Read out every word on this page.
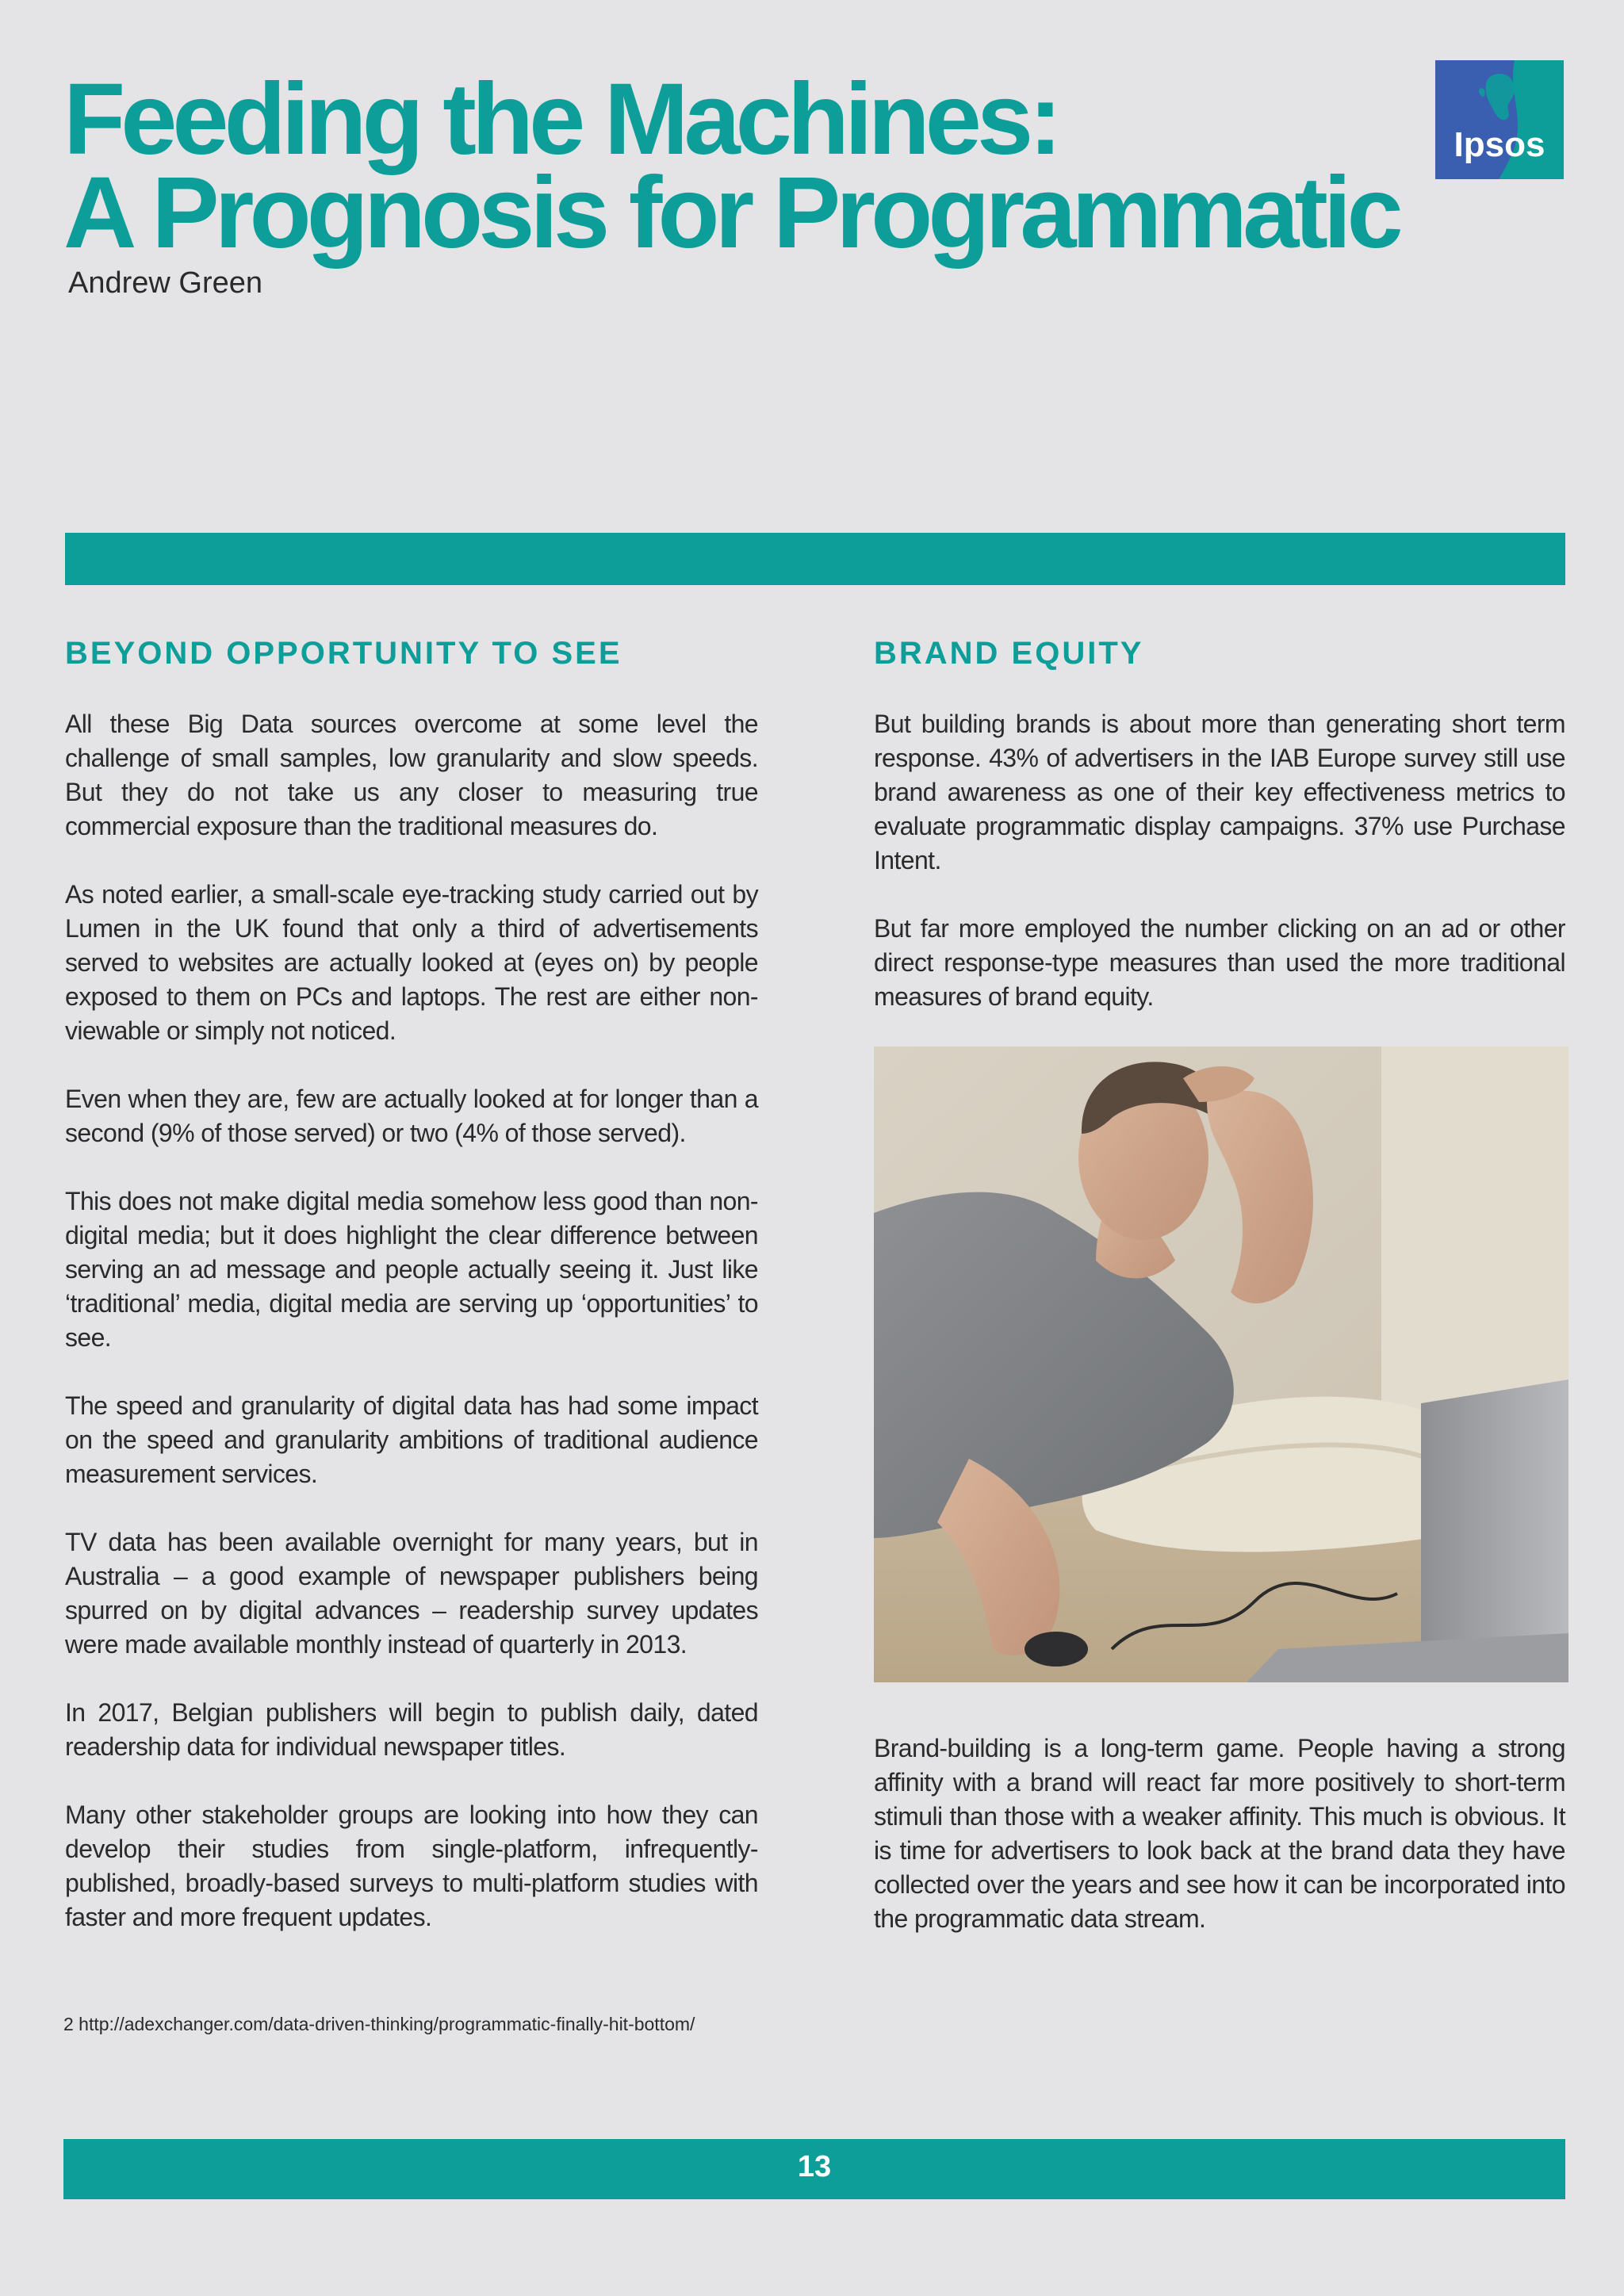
Feeding the Machines:
A Prognosis for Programmatic
Andrew Green
Ipsos
BEYOND OPPORTUNITY TO SEE

All these Big Data sources overcome at some level the challenge of small samples, low granularity and slow speeds. But they do not take us any closer to measuring true commercial exposure than the traditional measures do.

As noted earlier, a small-scale eye-tracking study carried out by Lumen in the UK found that only a third of advertisements served to websites are actually looked at (eyes on) by people exposed to them on PCs and laptops. The rest are either non-viewable or simply not noticed.

Even when they are, few are actually looked at for longer than a second (9% of those served) or two (4% of those served).

This does not make digital media somehow less good than non-digital media; but it does highlight the clear difference between serving an ad message and people actually seeing it. Just like ‘traditional’ media, digital media are serving up ‘opportunities’ to see.

The speed and granularity of digital data has had some impact on the speed and granularity ambitions of traditional audience measurement services.

TV data has been available overnight for many years, but in Australia – a good example of newspaper publishers being spurred on by digital advances – readership survey updates were made available monthly instead of quarterly in 2013.

In 2017, Belgian publishers will begin to publish daily, dated readership data for individual newspaper titles.

Many other stakeholder groups are looking into how they can develop their studies from single-platform, infrequently-published, broadly-based surveys to multi-platform studies with faster and more frequent updates.

BRAND EQUITY

But building brands is about more than generating short term response. 43% of advertisers in the IAB Europe survey still use brand awareness as one of their key effectiveness metrics to evaluate programmatic display campaigns. 37% use Purchase Intent.

But far more employed the number clicking on an ad or other direct response-type measures than used the more traditional measures of brand equity.

Brand-building is a long-term game. People having a strong affinity with a brand will react far more positively to short-term stimuli than those with a weaker affinity. This much is obvious. It is time for advertisers to look back at the brand data they have collected over the years and see how it can be incorporated into the programmatic data stream.

2 http://adexchanger.com/data-driven-thinking/programmatic-finally-hit-bottom/
13
